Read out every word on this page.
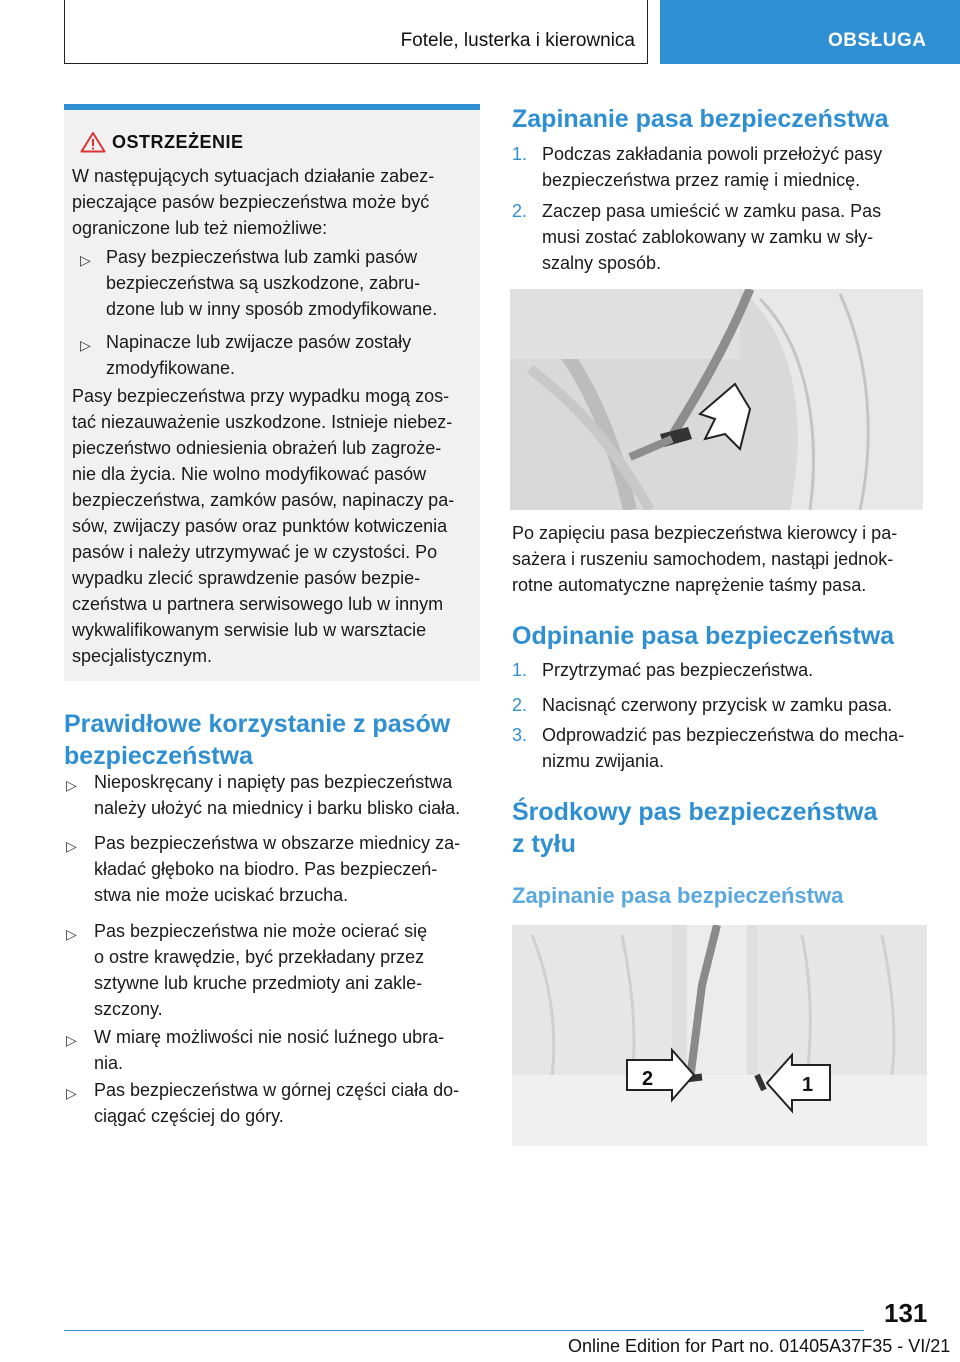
Fotele, lusterka i kierownica	OBSŁUGA
OSTRZEŻENIE
W następujących sytuacjach działanie zabez-
pieczające pasów bezpieczeństwa może być
ograniczone lub też niemożliwe:
▷ Pasy bezpieczeństwa lub zamki pasów
bezpieczeństwa są uszkodzone, zabru-
dzone lub w inny sposób zmodyfikowane.
▷ Napinacze lub zwijacze pasów zostały
zmodyfikowane.
Pasy bezpieczeństwa przy wypadku mogą zos-
tać niezauważenie uszkodzone. Istnieje niebez-
pieczeństwo odniesienia obrażeń lub zagroże-
nie dla życia. Nie wolno modyfikować pasów
bezpieczeństwa, zamków pasów, napinaczy pa-
sów, zwijaczy pasów oraz punktów kotwiczenia
pasów i należy utrzymywać je w czystości. Po
wypadku zlecić sprawdzenie pasów bezpie-
czeństwa u partnera serwisowego lub w innym
wykwalifikowanym serwisie lub w warsztacie
specjalistycznym.
Prawidłowe korzystanie z pasów
bezpieczeństwa
▷ Nieposkręcany i napięty pas bezpieczeństwa
należy ułożyć na miednicy i barku blisko ciała.
▷ Pas bezpieczeństwa w obszarze miednicy za-
kładać głęboko na biodro. Pas bezpieczeń-
stwa nie może uciskać brzucha.
▷ Pas bezpieczeństwa nie może ocierać się
o ostre krawędzie, być przekładany przez
sztywne lub kruche przedmioty ani zakle-
szczony.
▷ W miarę możliwości nie nosić luźnego ubra-
nia.
▷ Pas bezpieczeństwa w górnej części ciała do-
ciągać częściej do góry.
Zapinanie pasa bezpieczeństwa
1. Podczas zakładania powoli przełożyć pasy
bezpieczeństwa przez ramię i miednicę.
2. Zaczep pasa umieścić w zamku pasa. Pas
musi zostać zablokowany w zamku w sły-
szalny sposób.
Po zapięciu pasa bezpieczeństwa kierowcy i pa-
sażera i ruszeniu samochodem, nastąpi jednok-
rotne automatyczne naprężenie taśmy pasa.
Odpinanie pasa bezpieczeństwa
1. Przytrzymać pas bezpieczeństwa.
2. Nacisnąć czerwony przycisk w zamku pasa.
3. Odprowadzić pas bezpieczeństwa do mecha-
nizmu zwijania.
Środkowy pas bezpieczeństwa
z tyłu
Zapinanie pasa bezpieczeństwa
2	1
131
Online Edition for Part no. 01405A37F35 - VI/21
